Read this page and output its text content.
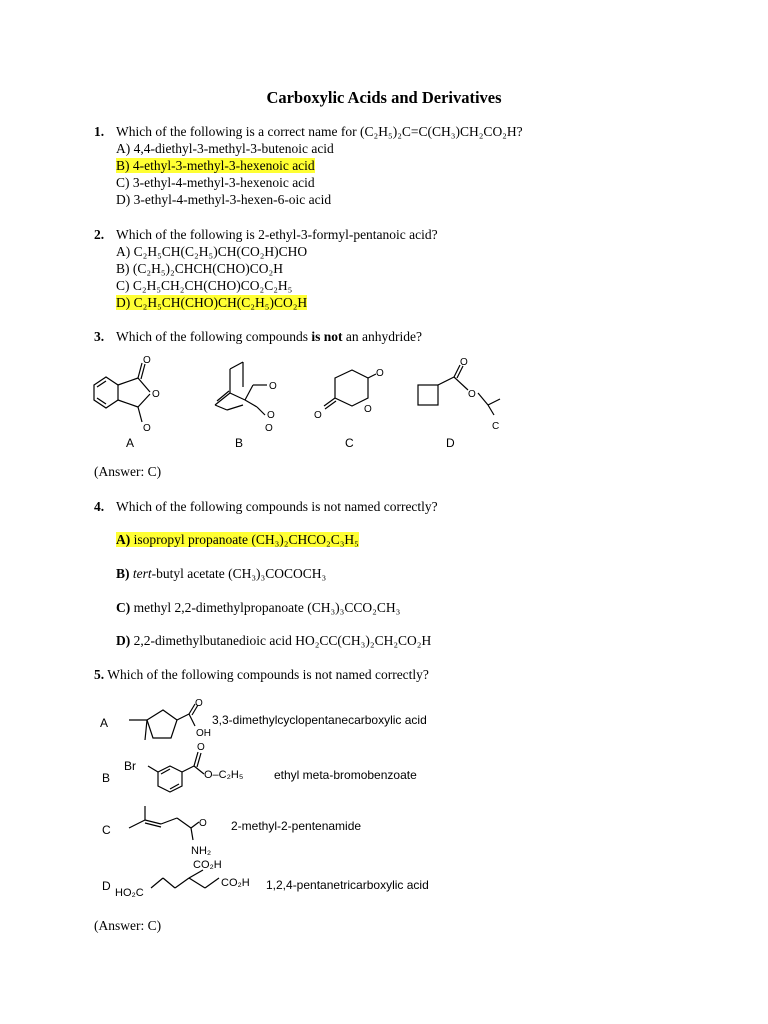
Carboxylic Acids and Derivatives
1. Which of the following is a correct name for (C₂H₅)₂C=C(CH₃)CH₂CO₂H?
A) 4,4-diethyl-3-methyl-3-butenoic acid
B) 4-ethyl-3-methyl-3-hexenoic acid
C) 3-ethyl-4-methyl-3-hexenoic acid
D) 3-ethyl-4-methyl-3-hexen-6-oic acid
2. Which of the following is 2-ethyl-3-formyl-pentanoic acid?
A) C₂H₅CH(C₂H₅)CH(CO₂H)CHO
B) (C₂H₅)₂CHCH(CHO)CO₂H
C) C₂H₅CH₂CH(CHO)CO₂C₂H₅
D) C₂H₅CH(CHO)CH(C₂H₅)CO₂H
3. Which of the following compounds is not an anhydride?
O
O
O
O
O
O
O
O
O
O
O
C
A	B	C	D
(Answer: C)
4. Which of the following compounds is not named correctly?
A) isopropyl propanoate (CH₃)₂CHCO₂C₃H₅
B) tert-butyl acetate (CH₃)₃COCOCH₃
C) methyl 2,2-dimethylpropanoate (CH₃)₃CCO₂CH₃
D) 2,2-dimethylbutanedioic acid HO₂CC(CH₃)₂CH₂CO₂H
5. Which of the following compounds is not named correctly?
A
O
OH
3,3-dimethylcyclopentanecarboxylic acid
B
O
Br
O–C₂H₅	ethyl meta-bromobenzoate
C	O
NH₂
2-methyl-2-pentenamide
D HO₂C
CO₂H
CO₂H 1,2,4-pentanetricarboxylic acid
(Answer: C)
